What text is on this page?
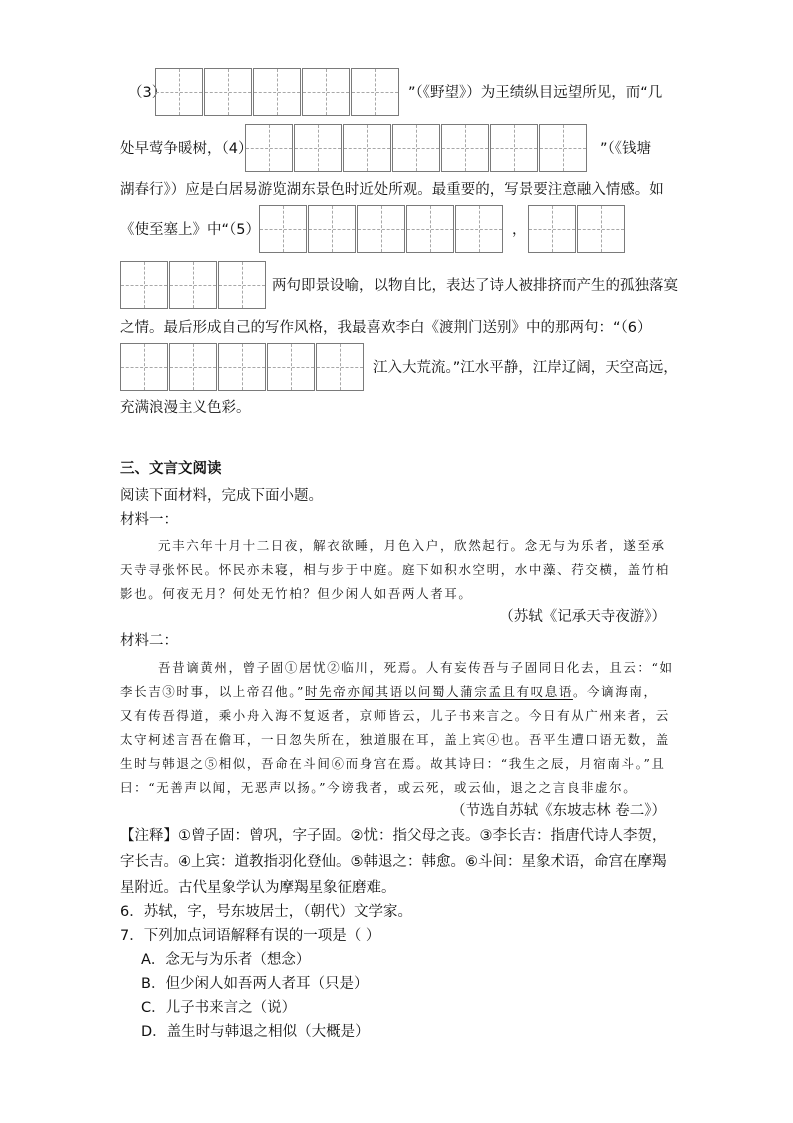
（3）	”（《野望》）为王绩纵目远望所见，而“几
处早莺争暖树，（4）	”（《钱塘
湖春行》）应是白居易游览湖东景色时近处所观。最重要的，写景要注意融入情感。如
《使至塞上》中“（5）	，
两句即景设喻，以物自比，表达了诗人被排挤而产生的孤独落寞
之情。最后形成自己的写作风格，我最喜欢李白《渡荆门送别》中的那两句：“（6）
江入大荒流。”江水平静，江岸辽阔，天空高远，
充满浪漫主义色彩。
三、文言文阅读
阅读下面材料，完成下面小题。
材料一：
元丰六年十月十二日夜，解衣欲睡，月色入户，欣然起行。念无与为乐者，遂至承
天寺寻张怀民。怀民亦未寝，相与步于中庭。庭下如积水空明，水中藻、荇交横，盖竹柏
影也。何夜无月？何处无竹柏？但少闲人如吾两人者耳。
（苏轼《记承天寺夜游》）
材料二：
吾昔谪黄州，曾子固①居忧②临川，死焉。人有妄传吾与子固同日化去，且云：“如
李长吉③时事，以上帝召他。”时先帝亦闻其语以问蜀人蒲宗孟且有叹息语。今谪海南，
又有传吾得道，乘小舟入海不复返者，京师皆云，儿子书来言之。今日有从广州来者，云
太守柯述言吾在儋耳，一日忽失所在，独道服在耳，盖上宾④也。吾平生遭口语无数，盖
生时与韩退之⑤相似，吾命在斗间⑥而身宫在焉。故其诗曰：“我生之辰，月宿南斗。”且
曰：“无善声以闻，无恶声以扬。”今谤我者，或云死，或云仙，退之之言良非虚尔。
（节选自苏轼《东坡志林 卷二》）
【注释】①曾子固：曾巩，字子固。②忧：指父母之丧。③李长吉：指唐代诗人李贺，
字长吉。④上宾：道教指羽化登仙。⑤韩退之：韩愈。⑥斗间：星象术语，命宫在摩羯
星附近。古代星象学认为摩羯星象征磨难。
6．苏轼，字，号东坡居士，（朝代）文学家。
7．下列加点词语解释有误的一项是（ ）
A．念无与为乐者（想念）
B．但少闲人如吾两人者耳（只是）
C．儿子书来言之（说）
D．盖生时与韩退之相似（大概是）
